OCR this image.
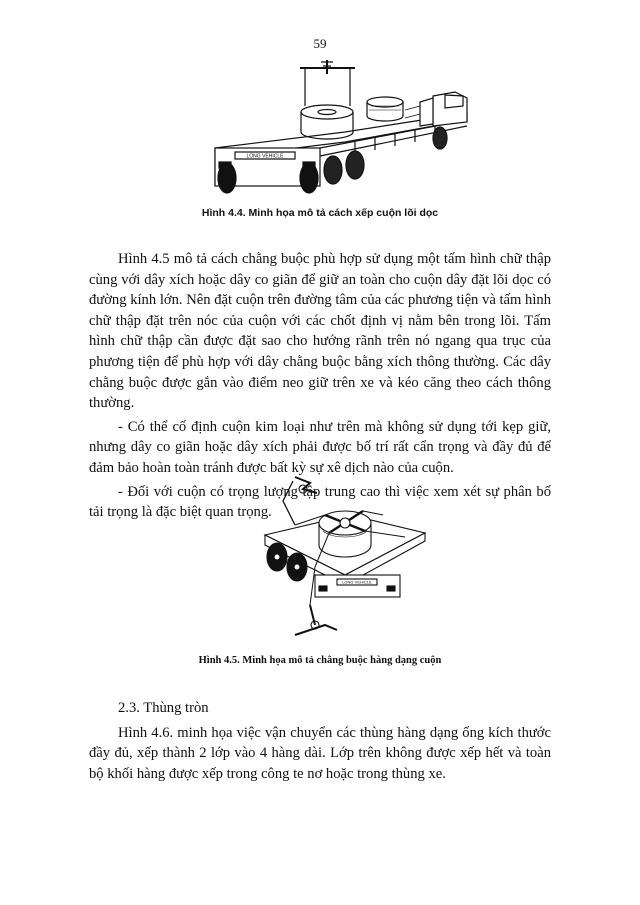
59
LONG VEHICLE
Hình 4.4. Minh họa mô tả cách xếp cuộn lõi dọc

Hình 4.5 mô tả cách chằng buộc phù hợp sử dụng một tấm hình chữ thập cùng với dây xích hoặc dây co giãn để giữ an toàn cho cuộn dây đặt lõi dọc có đường kính lớn. Nên đặt cuộn trên đường tâm của các phương tiện và tấm hình chữ thập đặt trên nóc của cuộn với các chốt định vị nằm bên trong lõi. Tấm hình chữ thập cần được đặt sao cho hướng rãnh trên nó ngang qua trục của phương tiện để phù hợp với dây chằng buộc bằng xích thông thường. Các dây chằng buộc được gắn vào điểm neo giữ trên xe và kéo căng theo cách thông thường.

- Có thể cố định cuộn kim loại như trên mà không sử dụng tới kẹp giữ, nhưng dây co giãn hoặc dây xích phải được bố trí rất cẩn trọng và đầy đủ để đảm bảo hoàn toàn tránh được bất kỳ sự xê dịch nào của cuộn.

- Đối với cuộn có trọng lượng tập trung cao thì việc xem xét sự phân bố tải trọng là đặc biệt quan trọng.

LONG VEHICLE
Hình 4.5. Minh họa mô tả chằng buộc hàng dạng cuộn

2.3. Thùng tròn

Hình 4.6. minh họa việc vận chuyển các thùng hàng dạng ống kích thước đầy đủ, xếp thành 2 lớp vào 4 hàng dài. Lớp trên không được xếp hết và toàn bộ khối hàng được xếp trong công te nơ hoặc trong thùng xe.
